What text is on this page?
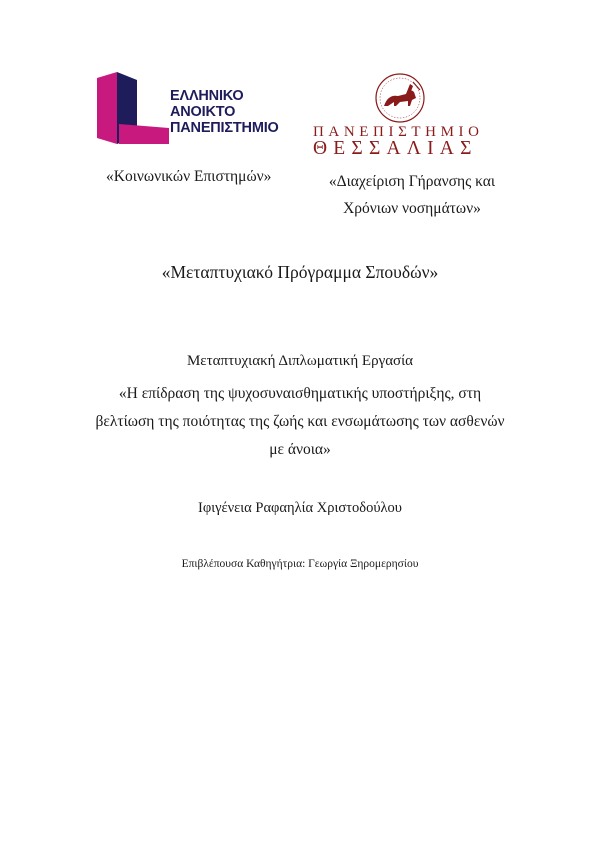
ΕΛΛΗΝΙΚΟ
ΑΝΟΙΚΤΟ
ΠΑΝΕΠΙΣΤΗΜΙΟ ΠΑΝΕΠΙΣΤΗΜΙΟ
ΘΕΣΣΑΛΙΑΣ
«Κοινωνικών Επιστημών»	«Διαχείριση Γήρανσης και
Χρόνιων νοσημάτων»
«Μεταπτυχιακό Πρόγραμμα Σπουδών»
Μεταπτυχιακή Διπλωματική Εργασία
«Η επίδραση της ψυχοσυναισθηματικής υποστήριξης, στη
βελτίωση της ποιότητας της ζωής και ενσωμάτωσης των ασθενών
με άνοια»
Ιφιγένεια Ραφαηλία Χριστοδούλου
Επιβλέπουσα Καθηγήτρια: Γεωργία Ξηρομερησίου
